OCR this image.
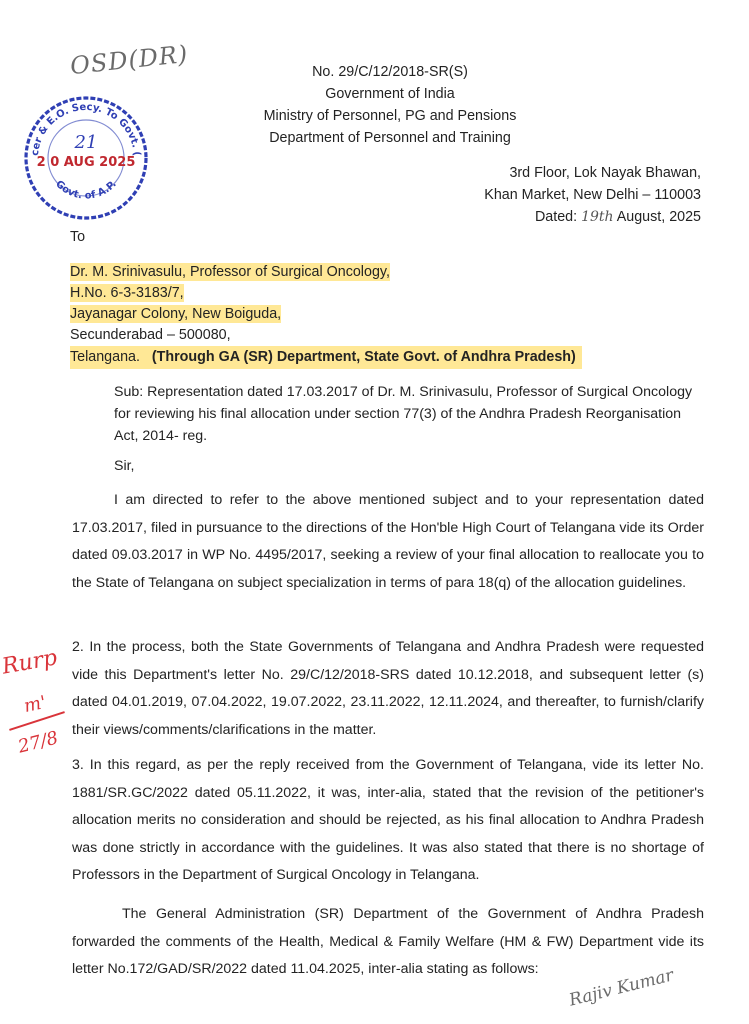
OSD(DR)
cer & E.O. Secy. To Govt. (
21
2 0 AUG 2025
Govt. of A.P.
No. 29/C/12/2018-SR(S)
Government of India
Ministry of Personnel, PG and Pensions
Department of Personnel and Training
3rd Floor, Lok Nayak Bhawan,
Khan Market, New Delhi – 110003
Dated: 19th August, 2025
To
Dr. M. Srinivasulu, Professor of Surgical Oncology,
H.No. 6-3-3183/7,
Jayanagar Colony, New Boiguda,
Secunderabad – 500080,
Telangana. (Through GA (SR) Department, State Govt. of Andhra Pradesh)
Sub: Representation dated 17.03.2017 of Dr. M. Srinivasulu, Professor of Surgical Oncology for reviewing his final allocation under section 77(3) of the Andhra Pradesh Reorganisation Act, 2014- reg.
Sir,
I am directed to refer to the above mentioned subject and to your representation dated 17.03.2017, filed in pursuance to the directions of the Hon'ble High Court of Telangana vide its Order dated 09.03.2017 in WP No. 4495/2017, seeking a review of your final allocation to reallocate you to the State of Telangana on subject specialization in terms of para 18(q) of the allocation guidelines.
2. In the process, both the State Governments of Telangana and Andhra Pradesh were requested vide this Department's letter No. 29/C/12/2018-SRS dated 10.12.2018, and subsequent letter (s) dated 04.01.2019, 07.04.2022, 19.07.2022, 23.11.2022, 12.11.2024, and thereafter, to furnish/clarify their views/comments/clarifications in the matter.
Rurp
m'
27/8
3. In this regard, as per the reply received from the Government of Telangana, vide its letter No. 1881/SR.GC/2022 dated 05.11.2022, it was, inter-alia, stated that the revision of the petitioner's allocation merits no consideration and should be rejected, as his final allocation to Andhra Pradesh was done strictly in accordance with the guidelines. It was also stated that there is no shortage of Professors in the Department of Surgical Oncology in Telangana.
The General Administration (SR) Department of the Government of Andhra Pradesh forwarded the comments of the Health, Medical & Family Welfare (HM & FW) Department vide its letter No.172/GAD/SR/2022 dated 11.04.2025, inter-alia stating as follows:	Rajiv Kumar
